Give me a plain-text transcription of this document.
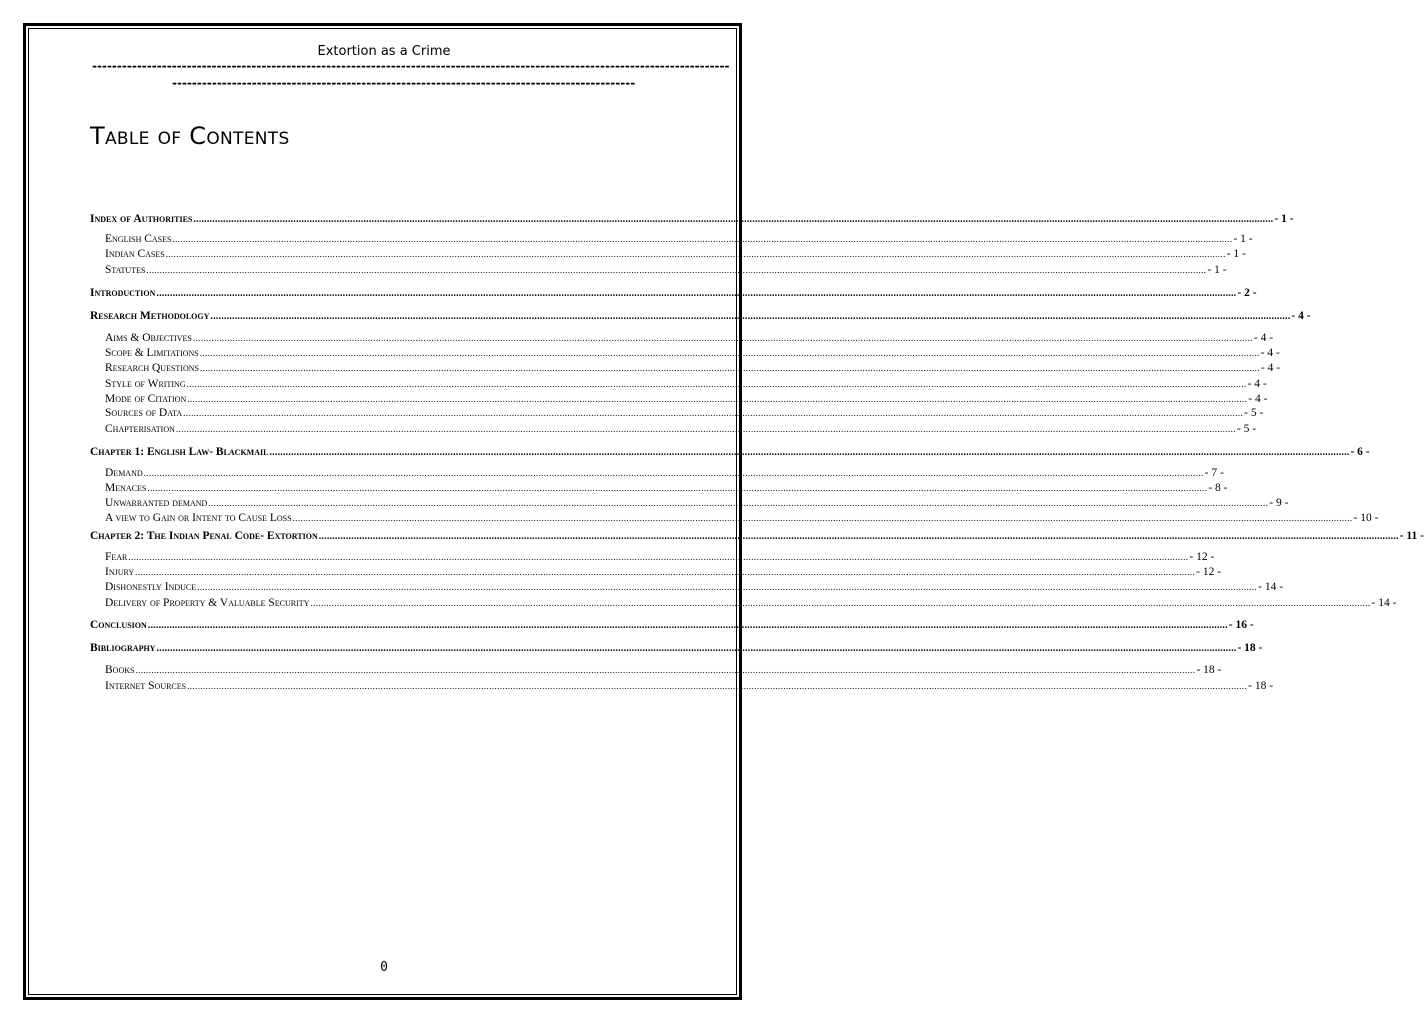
Extortion as a Crime
--------------------------------------------------------------------------------------------------------------------------------
---------------------------------------------------------------------------------------------
Table of Contents
Index of Authorities ................................................................................................................................................................................................................................................................................................................................................................................................................ - 1 -
English Cases ................................................................................................................................................................................................................................................................................................................................................................................................................ - 1 -
Indian Cases ................................................................................................................................................................................................................................................................................................................................................................................................................ - 1 -
Statutes ................................................................................................................................................................................................................................................................................................................................................................................................................ - 1 -
Introduction ................................................................................................................................................................................................................................................................................................................................................................................................................ - 2 -
Research Methodology ................................................................................................................................................................................................................................................................................................................................................................................................................ - 4 -
Aims & Objectives ................................................................................................................................................................................................................................................................................................................................................................................................................ - 4 -
Scope & Limitations ................................................................................................................................................................................................................................................................................................................................................................................................................ - 4 -
Research Questions ................................................................................................................................................................................................................................................................................................................................................................................................................ - 4 -
Style of Writing ................................................................................................................................................................................................................................................................................................................................................................................................................ - 4 -
Mode of Citation ................................................................................................................................................................................................................................................................................................................................................................................................................ - 4 -
Sources of Data ................................................................................................................................................................................................................................................................................................................................................................................................................ - 5 -
Chapterisation ................................................................................................................................................................................................................................................................................................................................................................................................................ - 5 -
Chapter 1: English Law- Blackmail ................................................................................................................................................................................................................................................................................................................................................................................................................ - 6 -
Demand ................................................................................................................................................................................................................................................................................................................................................................................................................ - 7 -
Menaces ................................................................................................................................................................................................................................................................................................................................................................................................................ - 8 -
Unwarranted demand ................................................................................................................................................................................................................................................................................................................................................................................................................ - 9 -
A view to Gain or Intent to Cause Loss ................................................................................................................................................................................................................................................................................................................................................................................................................ - 10 -
Chapter 2: The Indian Penal Code- Extortion ................................................................................................................................................................................................................................................................................................................................................................................................................ - 11 -
Fear ................................................................................................................................................................................................................................................................................................................................................................................................................ - 12 -
Injury ................................................................................................................................................................................................................................................................................................................................................................................................................ - 12 -
Dishonestly Induce ................................................................................................................................................................................................................................................................................................................................................................................................................ - 14 -
Delivery of Property & Valuable Security ................................................................................................................................................................................................................................................................................................................................................................................................................ - 14 -
Conclusion ................................................................................................................................................................................................................................................................................................................................................................................................................ - 16 -
Bibliography ................................................................................................................................................................................................................................................................................................................................................................................................................ - 18 -
Books ................................................................................................................................................................................................................................................................................................................................................................................................................ - 18 -
Internet Sources ................................................................................................................................................................................................................................................................................................................................................................................................................ - 18 -
0
